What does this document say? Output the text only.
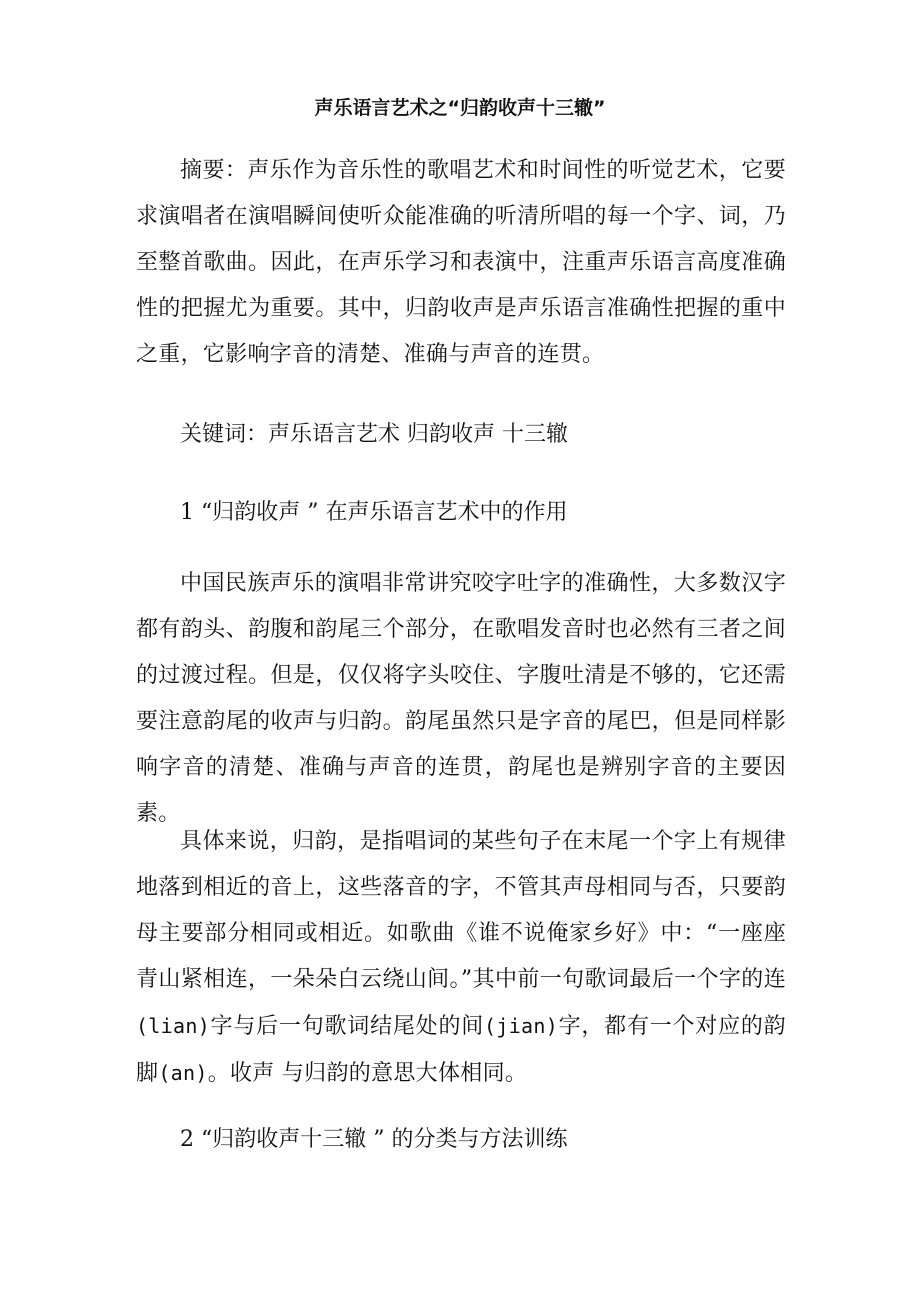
声乐语言艺术之“归韵收声十三辙”

摘要：声乐作为音乐性的歌唱艺术和时间性的听觉艺术，它要求演唱者在演唱瞬间使听众能准确的听清所唱的每一个字、词，乃至整首歌曲。因此，在声乐学习和表演中，注重声乐语言高度准确性的把握尤为重要。其中，归韵收声是声乐语言准确性把握的重中之重，它影响字音的清楚、准确与声音的连贯。

关键词：声乐语言艺术 归韵收声 十三辙

1 “归韵收声 ” 在声乐语言艺术中的作用

中国民族声乐的演唱非常讲究咬字吐字的准确性，大多数汉字都有韵头、韵腹和韵尾三个部分，在歌唱发音时也必然有三者之间的过渡过程。但是，仅仅将字头咬住、字腹吐清是不够的，它还需要注意韵尾的收声与归韵。韵尾虽然只是字音的尾巴，但是同样影响字音的清楚、准确与声音的连贯，韵尾也是辨别字音的主要因素。

具体来说，归韵，是指唱词的某些句子在末尾一个字上有规律地落到相近的音上，这些落音的字，不管其声母相同与否，只要韵母主要部分相同或相近。如歌曲《谁不说俺家乡好》中：“一座座青山紧相连，一朵朵白云绕山间。”其中前一句歌词最后一个字的连(lian)字与后一句歌词结尾处的间(jian)字，都有一个对应的韵脚(an)。收声 与归韵的意思大体相同。

2 “归韵收声十三辙 ” 的分类与方法训练
